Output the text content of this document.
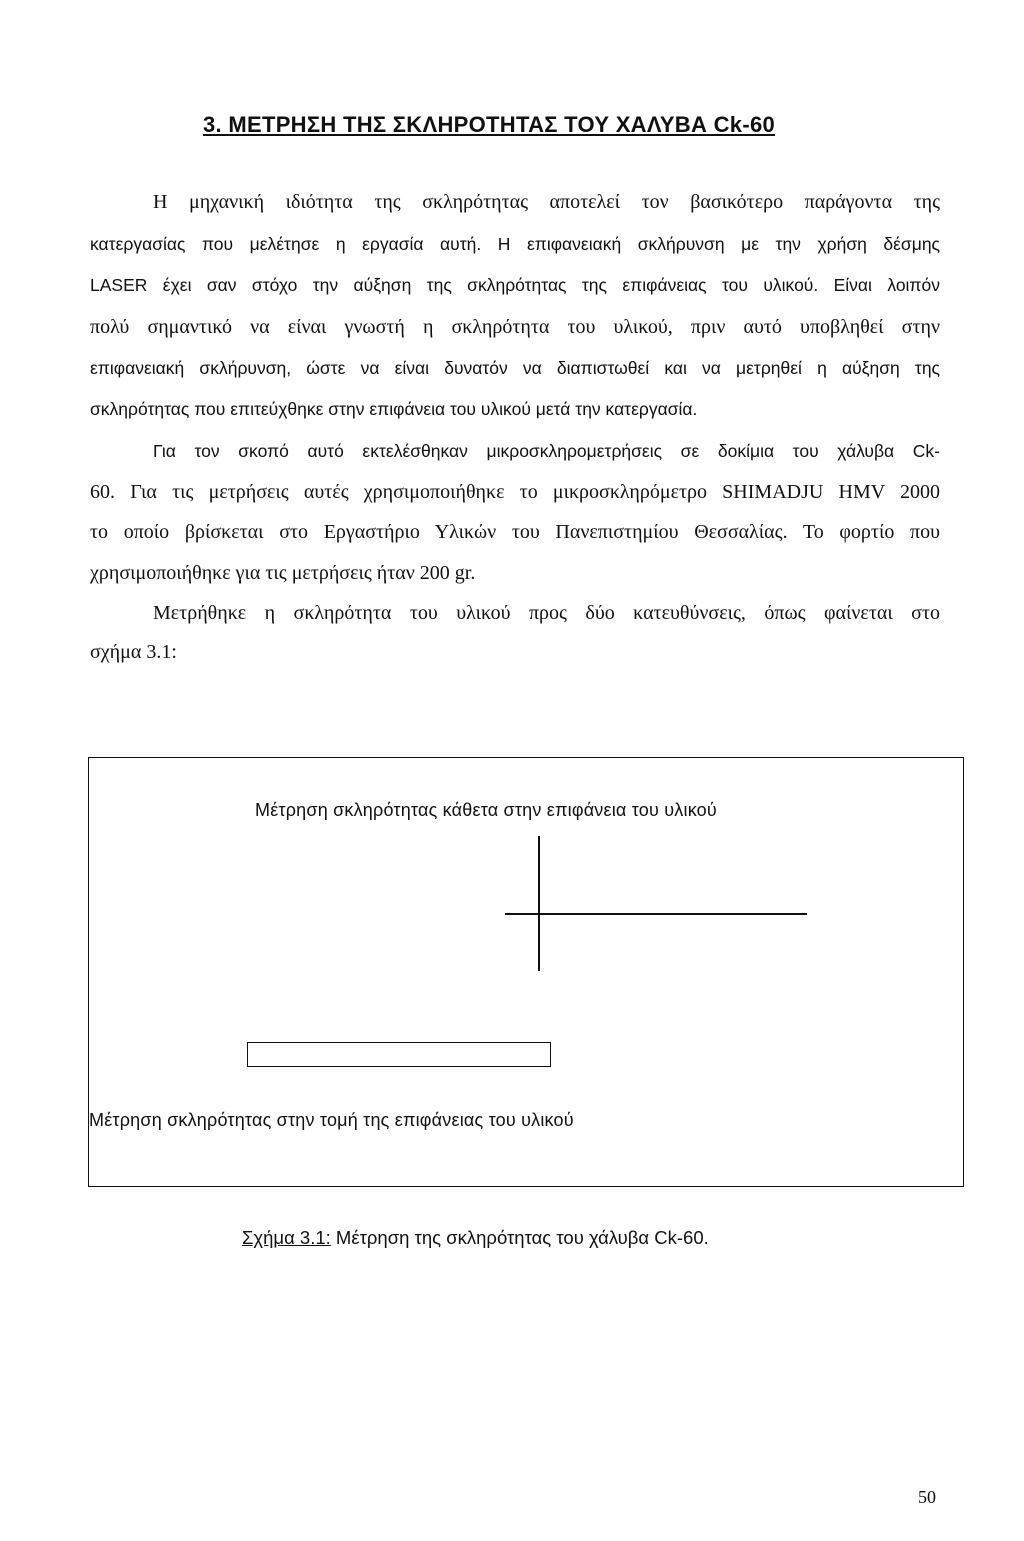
3. ΜΕΤΡΗΣΗ ΤΗΣ ΣΚΛΗΡΟΤΗΤΑΣ ΤΟΥ ΧΑΛΥΒΑ Ck-60
Η μηχανική ιδιότητα της σκληρότητας αποτελεί τον βασικότερο παράγοντα της
κατεργασίας που μελέτησε η εργασία αυτή. Η επιφανειακή σκλήρυνση με την χρήση δέσμης
LASER έχει σαν στόχο την αύξηση της σκληρότητας της επιφάνειας του υλικού. Είναι λοιπόν
πολύ σημαντικό να είναι γνωστή η σκληρότητα του υλικού, πριν αυτό υποβληθεί στην
επιφανειακή σκλήρυνση, ώστε να είναι δυνατόν να διαπιστωθεί και να μετρηθεί η αύξηση της
σκληρότητας που επιτεύχθηκε στην επιφάνεια του υλικού μετά την κατεργασία.
Για τον σκοπό αυτό εκτελέσθηκαν μικροσκληρομετρήσεις σε δοκίμια του χάλυβα Ck-
60. Για τις μετρήσεις αυτές χρησιμοποιήθηκε το μικροσκληρόμετρο SHIMADJU HMV 2000
το οποίο βρίσκεται στο Εργαστήριο Υλικών του Πανεπιστημίου Θεσσαλίας. Το φορτίο που
χρησιμοποιήθηκε για τις μετρήσεις ήταν 200 gr.
Μετρήθηκε η σκληρότητα του υλικού προς δύο κατευθύνσεις, όπως φαίνεται στο
σχήμα 3.1:
Μέτρηση σκληρότητας κάθετα στην επιφάνεια του υλικού
Μέτρηση σκληρότητας στην τομή της επιφάνειας του υλικού
Σχήμα 3.1: Μέτρηση της σκληρότητας του χάλυβα Ck-60.
50
